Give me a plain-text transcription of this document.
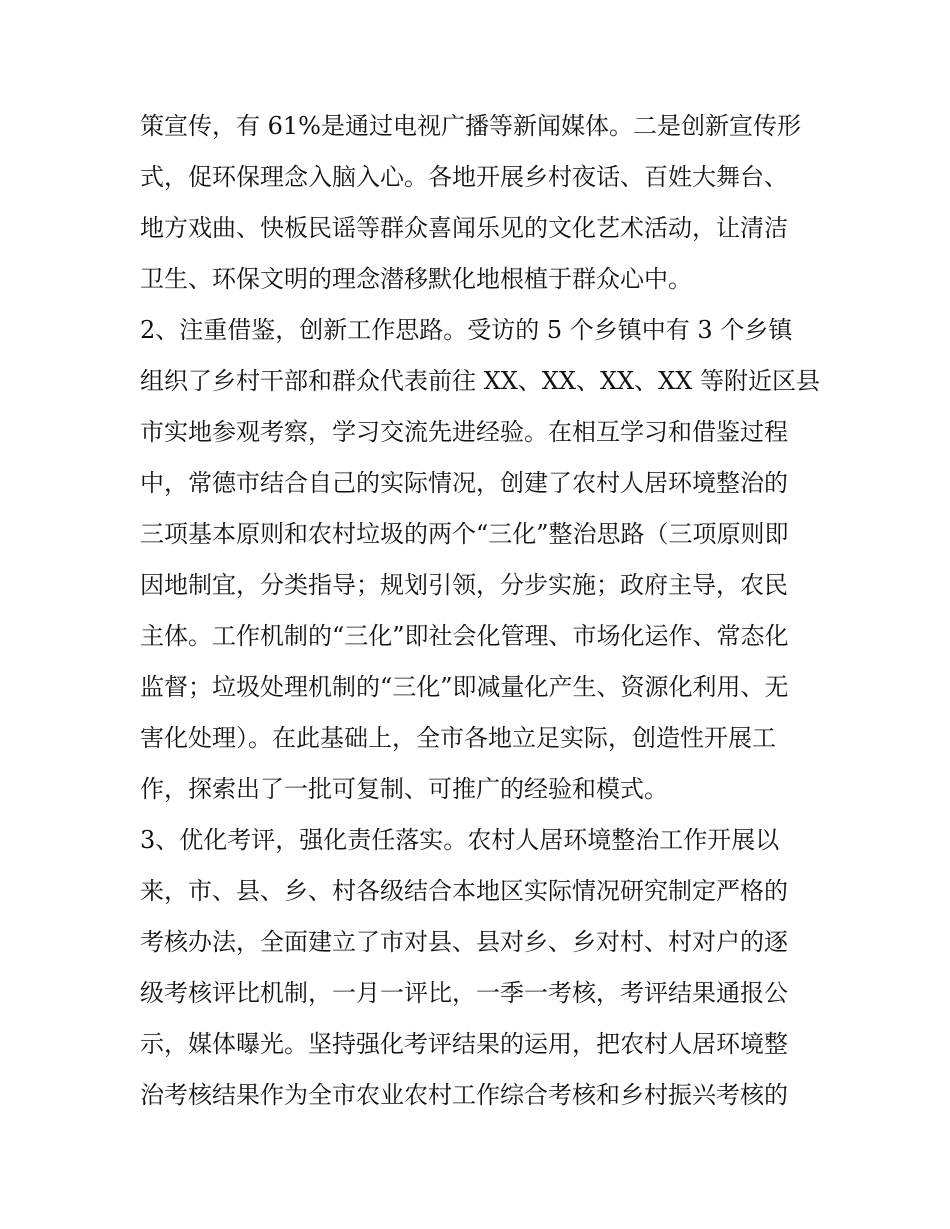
策宣传，有 61%是通过电视广播等新闻媒体。二是创新宣传形
式，促环保理念入脑入心。各地开展乡村夜话、百姓大舞台、
地方戏曲、快板民谣等群众喜闻乐见的文化艺术活动，让清洁
卫生、环保文明的理念潜移默化地根植于群众心中。
2、注重借鉴，创新工作思路。受访的 5 个乡镇中有 3 个乡镇
组织了乡村干部和群众代表前往 XX、XX、XX、XX 等附近区县
市实地参观考察，学习交流先进经验。在相互学习和借鉴过程
中，常德市结合自己的实际情况，创建了农村人居环境整治的
三项基本原则和农村垃圾的两个“三化”整治思路（三项原则即
因地制宜，分类指导；规划引领，分步实施；政府主导，农民
主体。工作机制的“三化”即社会化管理、市场化运作、常态化
监督；垃圾处理机制的“三化”即减量化产生、资源化利用、无
害化处理）。在此基础上，全市各地立足实际，创造性开展工
作，探索出了一批可复制、可推广的经验和模式。
3、优化考评，强化责任落实。农村人居环境整治工作开展以
来，市、县、乡、村各级结合本地区实际情况研究制定严格的
考核办法，全面建立了市对县、县对乡、乡对村、村对户的逐
级考核评比机制，一月一评比，一季一考核，考评结果通报公
示，媒体曝光。坚持强化考评结果的运用，把农村人居环境整
治考核结果作为全市农业农村工作综合考核和乡村振兴考核的
